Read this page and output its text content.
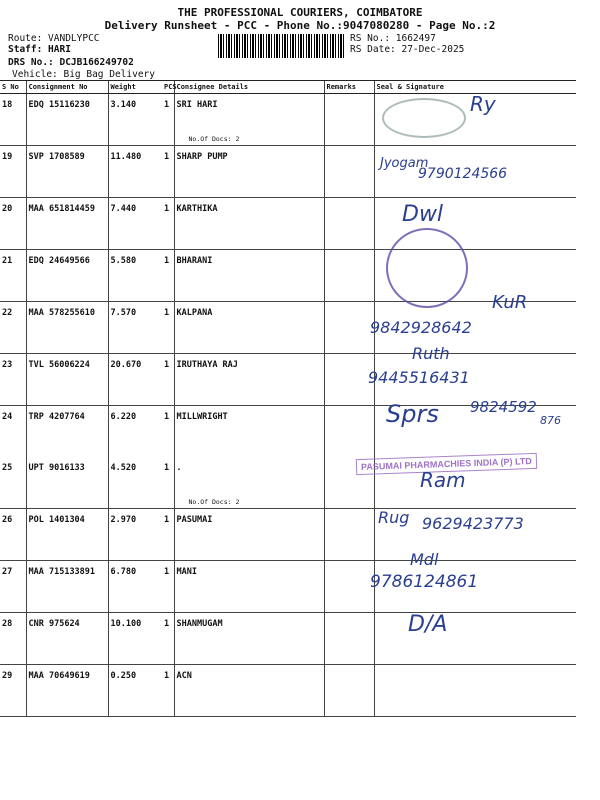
THE PROFESSIONAL COURIERS, COIMBATORE
Delivery Runsheet - PCC - Phone No.:9047080280 - Page No.:2
Route: VANDLYPCC
Staff: HARI
DRS No.: DCJB166249702
Vehicle: Big Bag Delivery
RS No.: 1662497
RS Date: 27-Dec-2025
S No	Consignment No	Weight	PCS	Consignee Details	Remarks	Seal & Signature
18	EDQ 15116230	3.140	1	SRI HARI
No.Of Docs: 2		

19	SVP 1708589	11.480	1	SHARP PUMP		
20	MAA 651814459	7.440	1	KARTHIKA		
21	EDQ 24649566	5.580	1	BHARANI		
22	MAA 578255610	7.570	1	KALPANA		
23	TVL 56006224	20.670	1	IRUTHAYA RAJ		
24	TRP 4207764	6.220	1	MILLWRIGHT		
25	UPT 9016133	4.520	1	.
No.Of Docs: 2		

26	POL 1401304	2.970	1	PASUMAI		
27	MAA 715133891	6.780	1	MANI		
28	CNR 975624	10.100	1	SHANMUGAM		
29	MAA 70649619	0.250	1	ACN		
Ry
Jyogam
9790124566
Dwl
KuR
9842928642
Ruth
9445516431
Sprs 9824592
876
PASUMAI PHARMACHIES INDIA (P) LTD
Ram
Rug 9629423773
Mdl
9786124861
D/A
